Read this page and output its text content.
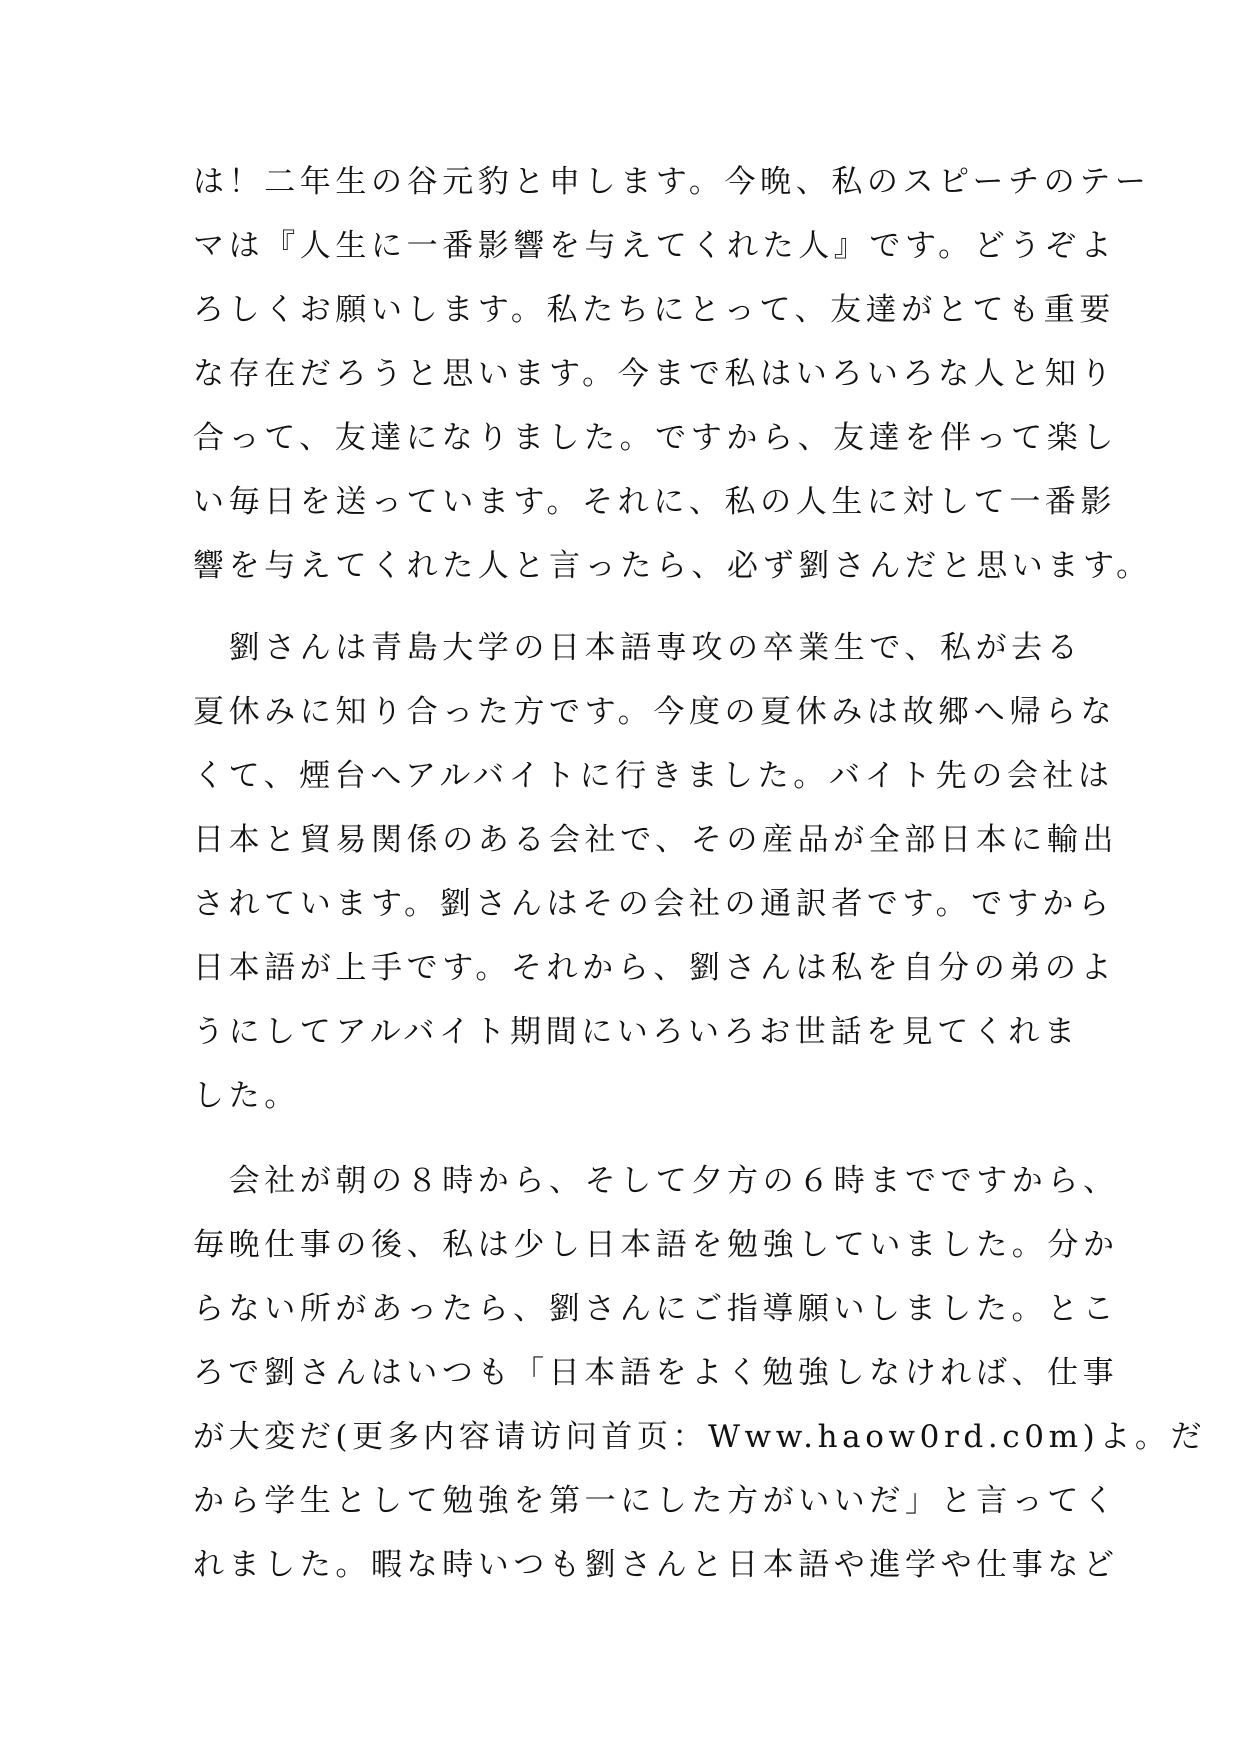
は！二年生の谷元豹と申します。今晩、私のスピーチのテー
マは『人生に一番影響を与えてくれた人』です。どうぞよ
ろしくお願いします。私たちにとって、友達がとても重要
な存在だろうと思います。今まで私はいろいろな人と知り
合って、友達になりました。ですから、友達を伴って楽し
い毎日を送っています。それに、私の人生に対して一番影
響を与えてくれた人と言ったら、必ず劉さんだと思います。
　劉さんは青島大学の日本語専攻の卒業生で、私が去る
夏休みに知り合った方です。今度の夏休みは故郷へ帰らな
くて、煙台へアルバイトに行きました。バイト先の会社は
日本と貿易関係のある会社で、その産品が全部日本に輸出
されています。劉さんはその会社の通訳者です。ですから
日本語が上手です。それから、劉さんは私を自分の弟のよ
うにしてアルバイト期間にいろいろお世話を見てくれま
した。
　会社が朝の８時から、そして夕方の６時までですから、
毎晩仕事の後、私は少し日本語を勉強していました。分か
らない所があったら、劉さんにご指導願いしました。とこ
ろで劉さんはいつも「日本語をよく勉強しなければ、仕事
が大変だ(更多内容请访问首页：Www.haow0rd.c0m)よ。だ
から学生として勉強を第一にした方がいいだ」と言ってく
れました。暇な時いつも劉さんと日本語や進学や仕事など
